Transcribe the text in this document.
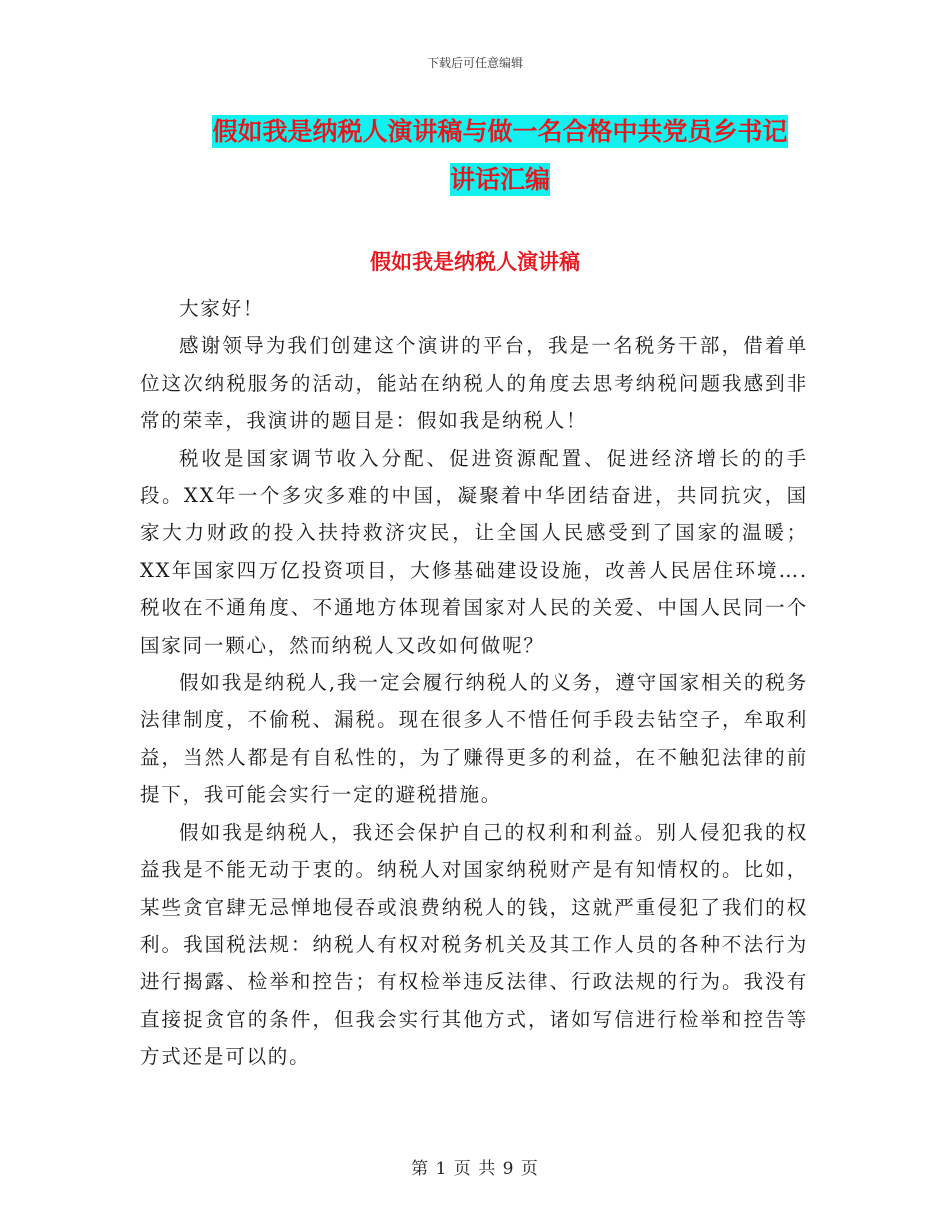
下载后可任意编辑
假如我是纳税人演讲稿与做一名合格中共党员乡书记
讲话汇编
假如我是纳税人演讲稿

大家好！

感谢领导为我们创建这个演讲的平台，我是一名税务干部，借着单位这次纳税服务的活动，能站在纳税人的角度去思考纳税问题我感到非常的荣幸，我演讲的题目是：假如我是纳税人！

税收是国家调节收入分配、促进资源配置、促进经济增长的的手段。XX年一个多灾多难的中国，凝聚着中华团结奋进，共同抗灾，国家大力财政的投入扶持救济灾民，让全国人民感受到了国家的温暖；XX年国家四万亿投资项目，大修基础建设设施，改善人民居住环境….税收在不通角度、不通地方体现着国家对人民的关爱、中国人民同一个国家同一颗心，然而纳税人又改如何做呢？

假如我是纳税人,我一定会履行纳税人的义务，遵守国家相关的税务法律制度，不偷税、漏税。现在很多人不惜任何手段去钻空子，牟取利益，当然人都是有自私性的，为了赚得更多的利益，在不触犯法律的前提下，我可能会实行一定的避税措施。

假如我是纳税人，我还会保护自己的权利和利益。别人侵犯我的权益我是不能无动于衷的。纳税人对国家纳税财产是有知情权的。比如，某些贪官肆无忌惮地侵吞或浪费纳税人的钱，这就严重侵犯了我们的权利。我国税法规：纳税人有权对税务机关及其工作人员的各种不法行为进行揭露、检举和控告；有权检举违反法律、行政法规的行为。我没有直接捉贪官的条件，但我会实行其他方式，诸如写信进行检举和控告等方式还是可以的。

第 1 页 共 9 页
